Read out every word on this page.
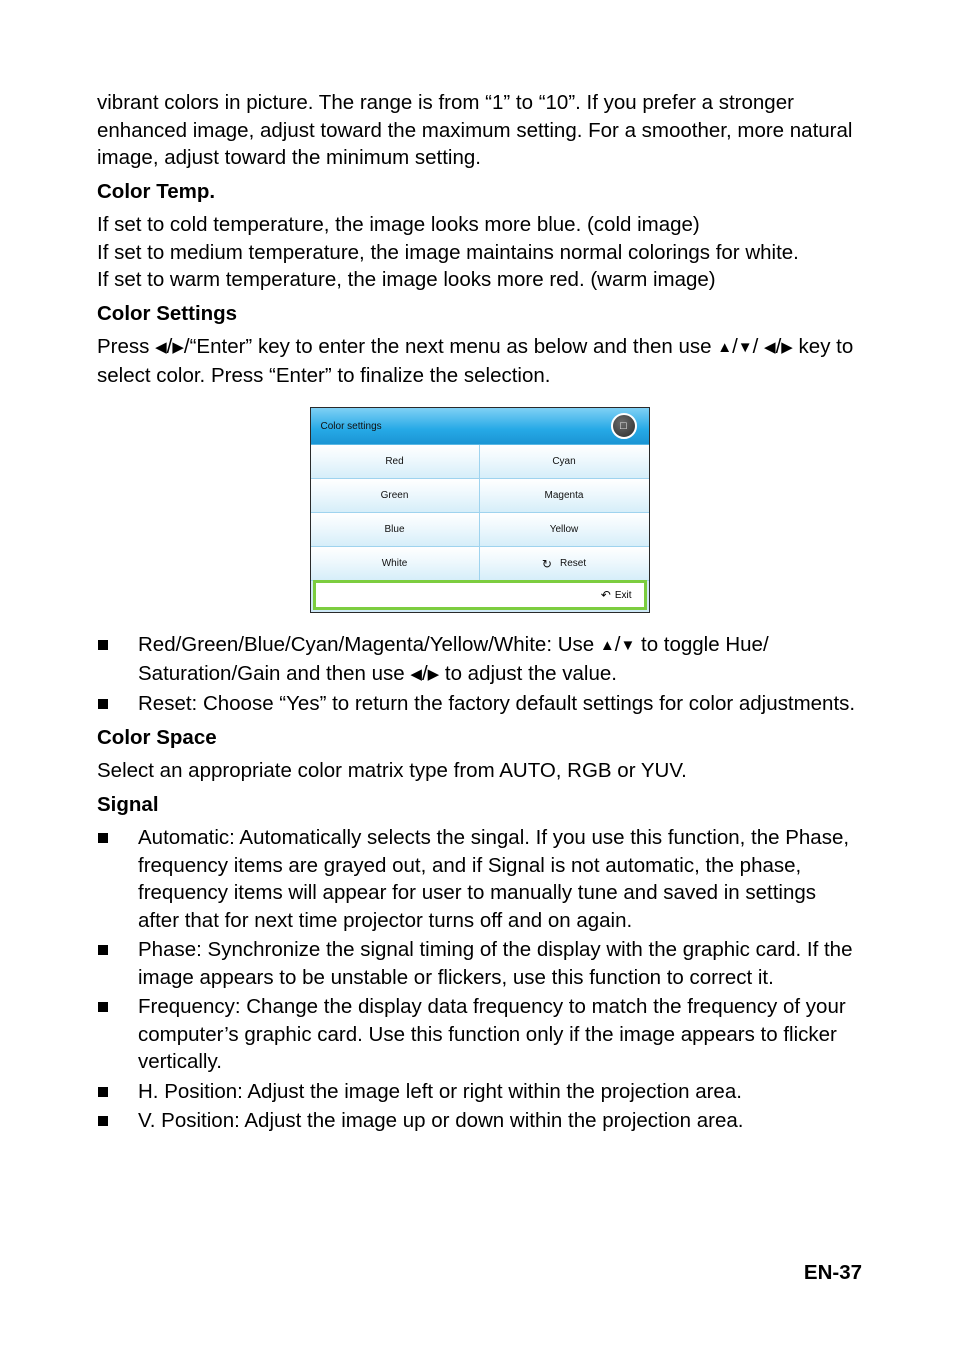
vibrant colors in picture. The range is from “1” to “10”. If you prefer a stronger enhanced image, adjust toward the maximum setting. For a smoother, more natural image, adjust toward the minimum setting.

Color Temp.

If set to cold temperature, the image looks more blue. (cold image)

If set to medium temperature, the image maintains normal colorings for white.

If set to warm temperature, the image looks more red. (warm image)

Color Settings

Press ◀/▶/“Enter” key to enter the next menu as below and then use ▲/▼/ ◀/▶ key to select color. Press “Enter” to finalize the selection.

Color settings	□
Red	Cyan
Green	Magenta
Blue	Yellow
White	↻ Reset
↶ Exit
Red/Green/Blue/Cyan/Magenta/Yellow/White: Use ▲/▼ to toggle Hue/ Saturation/Gain and then use ◀/▶ to adjust the value.
Reset: Choose “Yes” to return the factory default settings for color adjustments.
Color Space

Select an appropriate color matrix type from AUTO, RGB or YUV.

Signal
Automatic: Automatically selects the singal. If you use this function, the Phase, frequency items are grayed out, and if Signal is not automatic, the phase, frequency items will appear for user to manually tune and saved in settings after that for next time projector turns off and on again.
Phase: Synchronize the signal timing of the display with the graphic card. If the image appears to be unstable or flickers, use this function to correct it.
Frequency: Change the display data frequency to match the frequency of your computer’s graphic card. Use this function only if the image appears to flicker vertically.
H. Position: Adjust the image left or right within the projection area.
V. Position: Adjust the image up or down within the projection area.
EN-37
